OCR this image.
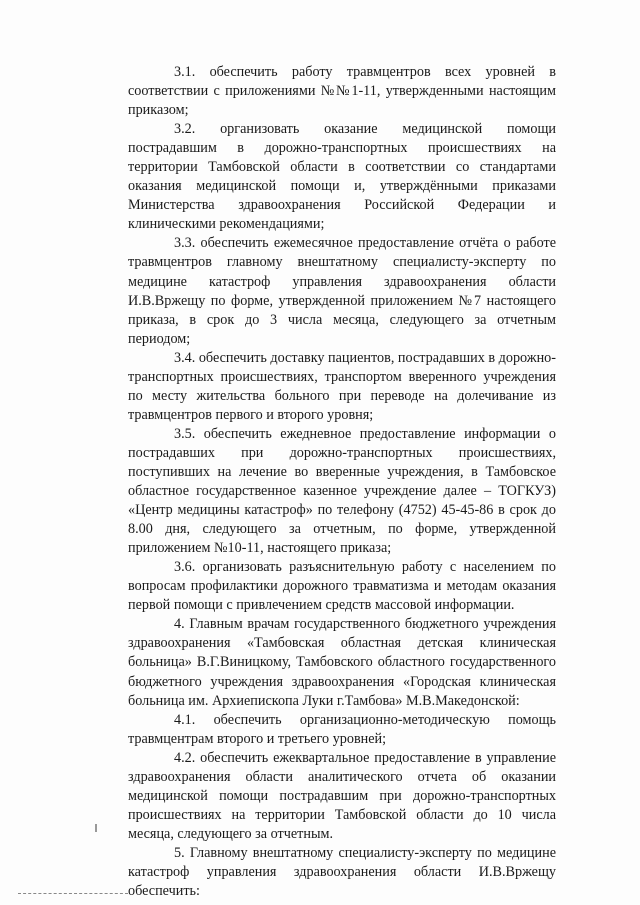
3.1. обеспечить работу травмцентров всех уровней в соответствии с приложениями №№1-11, утвержденными настоящим приказом;

3.2. организовать оказание медицинской помощи пострадавшим в дорожно-транспортных происшествиях на территории Тамбовской области в соответствии со стандартами оказания медицинской помощи и, утверждёнными приказами Министерства здравоохранения Российской Федерации и клиническими рекомендациями;

3.3. обеспечить ежемесячное предоставление отчёта о работе травмцентров главному внештатному специалисту-эксперту по медицине катастроф управления здравоохранения области И.В.Вржещу по форме, утвержденной приложением №7 настоящего приказа, в срок до 3 числа месяца, следующего за отчетным периодом;

3.4. обеспечить доставку пациентов, пострадавших в дорожно-транспортных происшествиях, транспортом вверенного учреждения по месту жительства больного при переводе на долечивание из травмцентров первого и второго уровня;

3.5. обеспечить ежедневное предоставление информации о пострадавших при дорожно-транспортных происшествиях, поступивших на лечение во вверенные учреждения, в Тамбовское областное государственное казенное учреждение далее – ТОГКУЗ) «Центр медицины катастроф» по телефону (4752) 45-45-86 в срок до 8.00 дня, следующего за отчетным, по форме, утвержденной приложением №10-11, настоящего приказа;

3.6. организовать разъяснительную работу с населением по вопросам профилактики дорожного травматизма и методам оказания первой помощи с привлечением средств массовой информации.

4. Главным врачам государственного бюджетного учреждения здравоохранения «Тамбовская областная детская клиническая больница» В.Г.Виницкому, Тамбовского областного государственного бюджетного учреждения здравоохранения «Городская клиническая больница им. Архиепископа Луки г.Тамбова» М.В.Македонской:

4.1. обеспечить организационно-методическую помощь травмцентрам второго и третьего уровней;

4.2. обеспечить ежеквартальное предоставление в управление здравоохранения области аналитического отчета об оказании медицинской помощи пострадавшим при дорожно-транспортных происшествиях на территории Тамбовской области до 10 числа месяца, следующего за отчетным.

5. Главному внештатному специалисту-эксперту по медицине катастроф управления здравоохранения области И.В.Вржещу обеспечить:
